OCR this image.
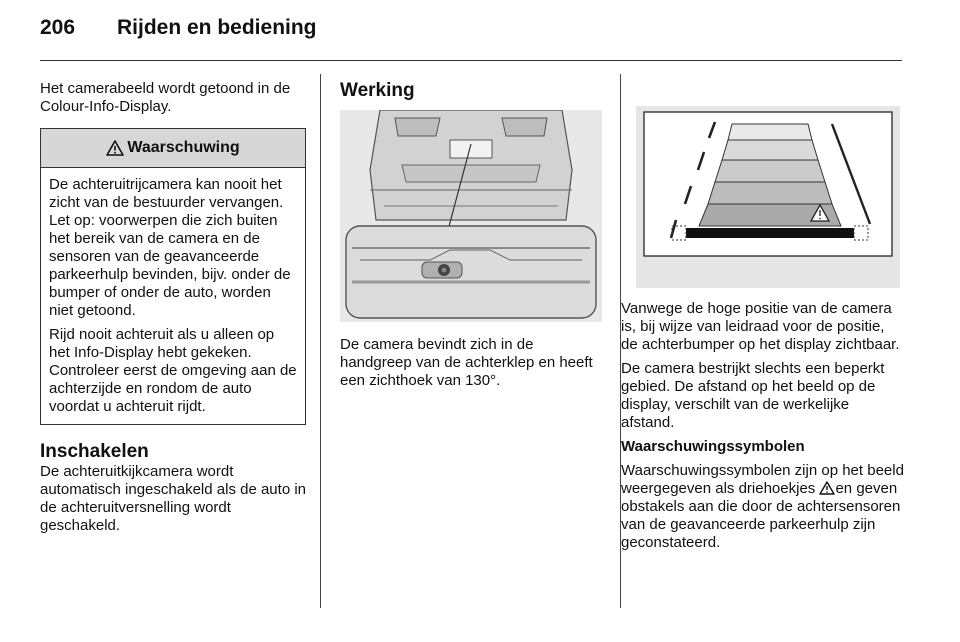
206 Rijden en bediening

Het camerabeeld wordt getoond in de Colour-Info-Display.

Waarschuwing

De achteruitrijcamera kan nooit het zicht van de bestuurder vervangen. Let op: voorwerpen die zich buiten het bereik van de camera en de sensoren van de geavanceerde parkeerhulp bevinden, bijv. onder de bumper of onder de auto, worden niet getoond.

Rijd nooit achteruit als u alleen op het Info-Display hebt gekeken. Controleer eerst de omgeving aan de achterzijde en rondom de auto voordat u achteruit rijdt.

Inschakelen

De achteruitkijkcamera wordt automatisch ingeschakeld als de auto in de achteruitversnelling wordt geschakeld.

Werking

De camera bevindt zich in de handgreep van de achterklep en heeft een zichthoek van 130°.

Vanwege de hoge positie van de camera is, bij wijze van leidraad voor de positie, de achterbumper op het display zichtbaar.

De camera bestrijkt slechts een beperkt gebied. De afstand op het beeld op de display, verschilt van de werkelijke afstand.

Waarschuwingssymbolen

Waarschuwingssymbolen zijn op het beeld weergegeven als driehoekjes en geven obstakels aan die door de achtersensoren van de geavanceerde parkeerhulp zijn geconstateerd.
